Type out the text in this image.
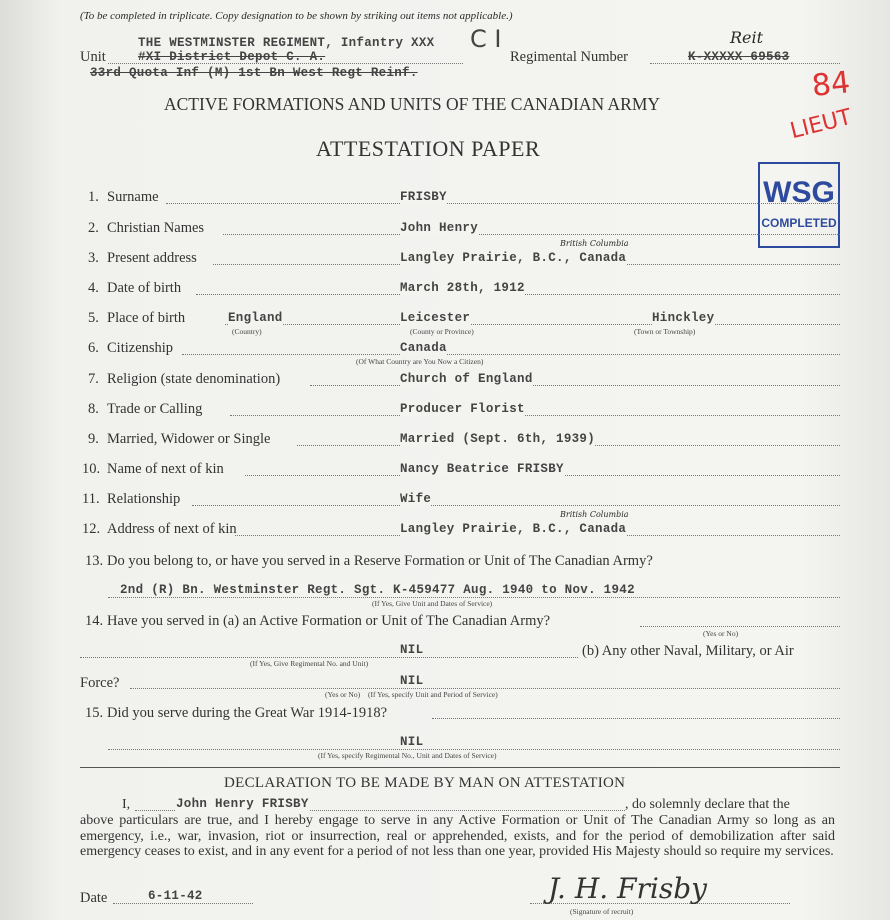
(To be completed in triplicate. Copy designation to be shown by striking out items not applicable.)
C I
THE WESTMINSTER REGIMENT, Infantry XXX
Unit	#XI District Depot C. A.
33rd Quota Inf (M) 1st Bn West Regt Reinf.
Regimental Number	K-XXXXX 69563
Reit
84
LIEUT
ACTIVE FORMATIONS AND UNITS OF THE CANADIAN ARMY
ATTESTATION PAPER
WSG
COMPLETED
1. Surname	FRISBY
2. Christian Names	John Henry
3. Present address	Langley Prairie, B.C., Canada
British Columbia
4. Date of birth	March 28th, 1912
5. Place of birth	England	Leicester	Hinckley
(Country)	(County or Province)	(Town or Township)
6. Citizenship	Canada
(Of What Country are You Now a Citizen)
7. Religion (state denomination)	Church of England
8. Trade or Calling	Producer Florist
9. Married, Widower or Single	Married (Sept. 6th, 1939)
10. Name of next of kin	Nancy Beatrice FRISBY
11. Relationship	Wife
12. Address of next of kin	Langley Prairie, B.C., Canada
British Columbia
13. Do you belong to, or have you served in a Reserve Formation or Unit of The Canadian Army?
2nd (R) Bn. Westminster Regt. Sgt. K-459477 Aug. 1940 to Nov. 1942
(If Yes, Give Unit and Dates of Service)
14. Have you served in (a) an Active Formation or Unit of The Canadian Army?
(Yes or No)
NIL
(If Yes, Give Regimental No. and Unit)
(b) Any other Naval, Military, or Air
Force?	NIL
(Yes or No) (If Yes, specify Unit and Period of Service)
15. Did you serve during the Great War 1914-1918?
NIL
(If Yes, specify Regimental No., Unit and Dates of Service)
DECLARATION TO BE MADE BY MAN ON ATTESTATION
I,	John Henry FRISBY	, do solemnly declare that the
above particulars are true, and I hereby engage to serve in any Active Formation or Unit of The Canadian Army so long as an emergency, i.e., war, invasion, riot or insurrection, real or apprehended, exists, and for the period of demobilization after said emergency ceases to exist, and in any event for a period of not less than one year, provided His Majesty should so require my services.
Date	6-11-42	J. H. Frisby
(Signature of recruit)
